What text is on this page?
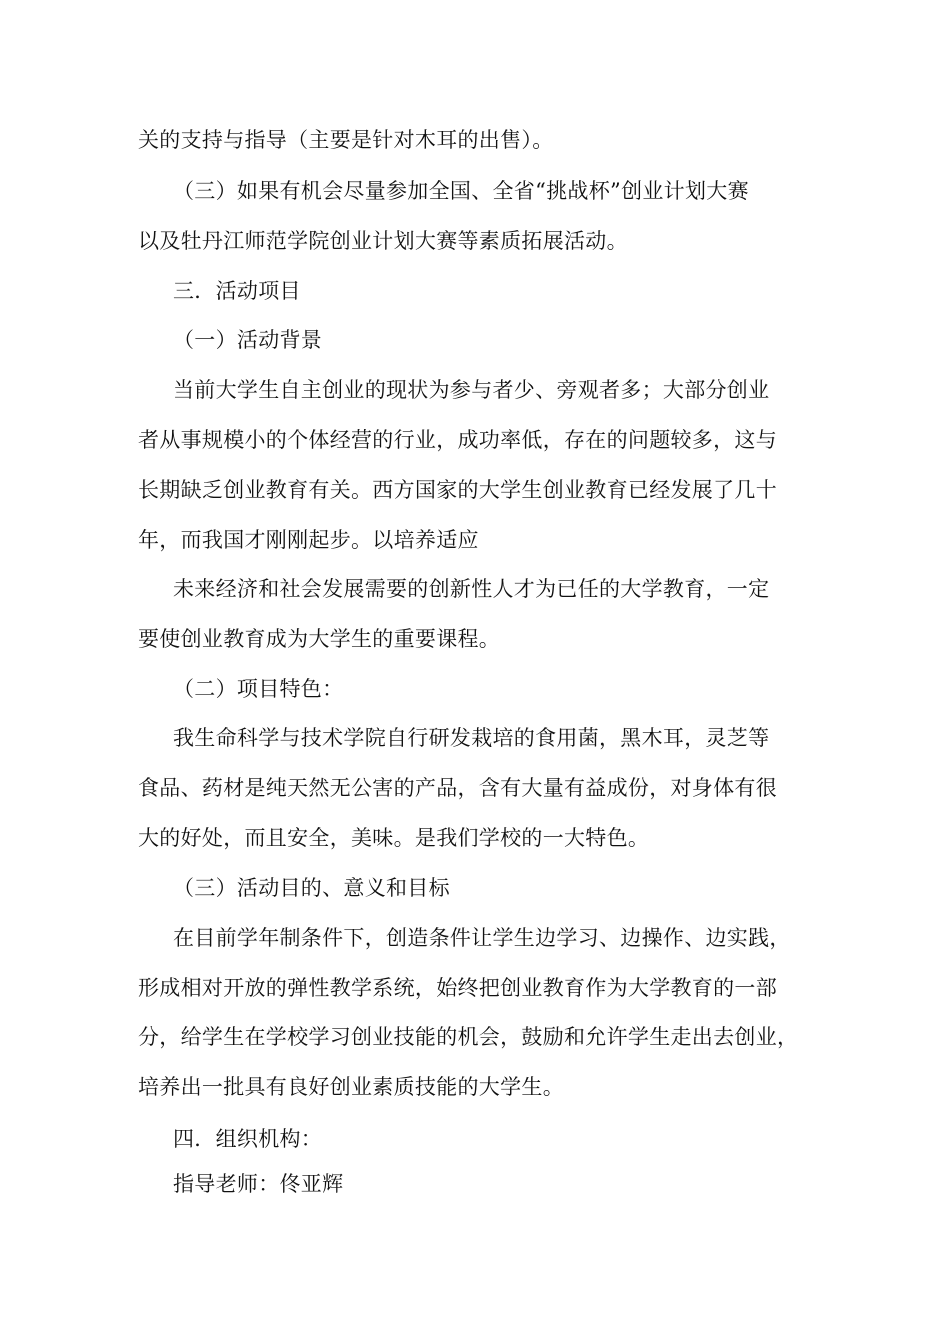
关的支持与指导（主要是针对木耳的出售）。
（三）如果有机会尽量参加全国、全省“挑战杯”创业计划大赛
以及牡丹江师范学院创业计划大赛等素质拓展活动。
三．活动项目
（一）活动背景
当前大学生自主创业的现状为参与者少、旁观者多；大部分创业
者从事规模小的个体经营的行业，成功率低，存在的问题较多，这与
长期缺乏创业教育有关。西方国家的大学生创业教育已经发展了几十
年，而我国才刚刚起步。以培养适应
未来经济和社会发展需要的创新性人才为已任的大学教育，一定
要使创业教育成为大学生的重要课程。
（二）项目特色：
我生命科学与技术学院自行研发栽培的食用菌，黑木耳，灵芝等
食品、药材是纯天然无公害的产品，含有大量有益成份，对身体有很
大的好处，而且安全，美味。是我们学校的一大特色。
（三）活动目的、意义和目标
在目前学年制条件下，创造条件让学生边学习、边操作、边实践，
形成相对开放的弹性教学系统，始终把创业教育作为大学教育的一部
分，给学生在学校学习创业技能的机会，鼓励和允许学生走出去创业，
培养出一批具有良好创业素质技能的大学生。
四．组织机构：
指导老师：佟亚辉
